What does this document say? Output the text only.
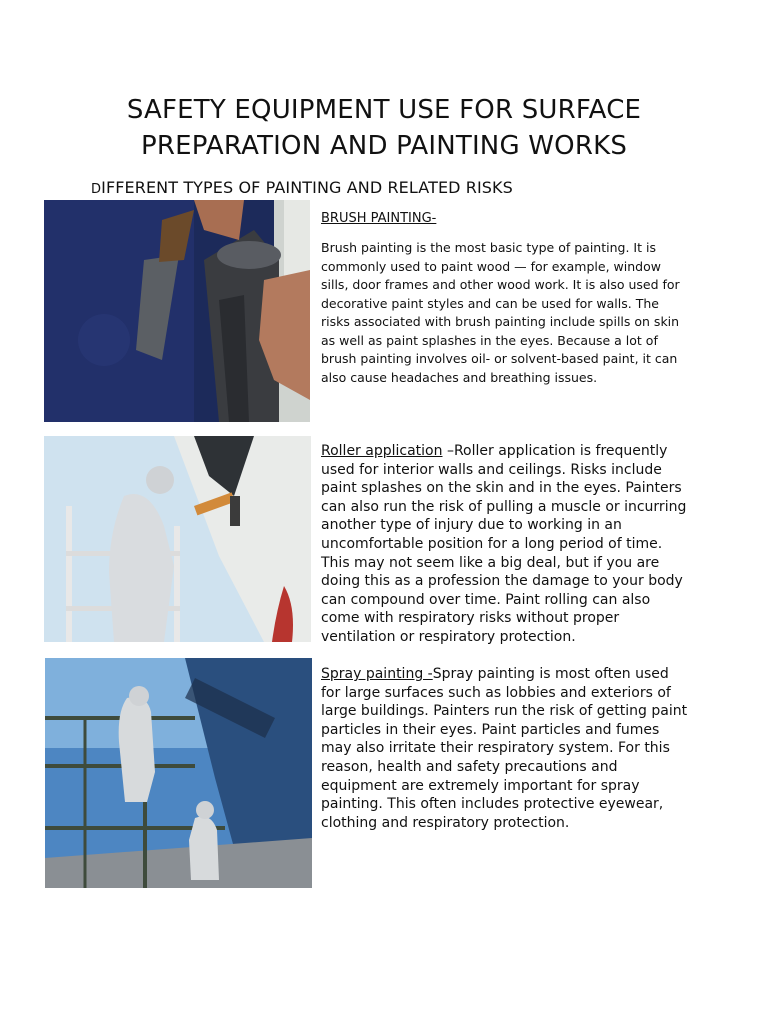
SAFETY EQUIPMENT USE FOR SURFACE
PREPARATION AND PAINTING WORKS
DIFFERENT TYPES OF PAINTING AND RELATED RISKS
BRUSH PAINTING-
Brush painting is the most basic type of painting. It is commonly used to paint wood — for example, window sills, door frames and other wood work. It is also used for decorative paint styles and can be used for walls. The risks associated with brush painting include spills on skin as well as paint splashes in the eyes. Because a lot of brush painting involves oil- or solvent-based paint, it can also cause headaches and breathing issues.
Roller application –Roller application is frequently used for interior walls and ceilings. Risks include paint splashes on the skin and in the eyes. Painters can also run the risk of pulling a muscle or incurring another type of injury due to working in an uncomfortable position for a long period of time. This may not seem like a big deal, but if you are doing this as a profession the damage to your body can compound over time. Paint rolling can also come with respiratory risks without proper ventilation or respiratory protection.
Spray painting -Spray painting is most often used for large surfaces such as lobbies and exteriors of large buildings. Painters run the risk of getting paint particles in their eyes. Paint particles and fumes may also irritate their respiratory system. For this reason, health and safety precautions and equipment are extremely important for spray painting. This often includes protective eyewear, clothing and respiratory protection.
